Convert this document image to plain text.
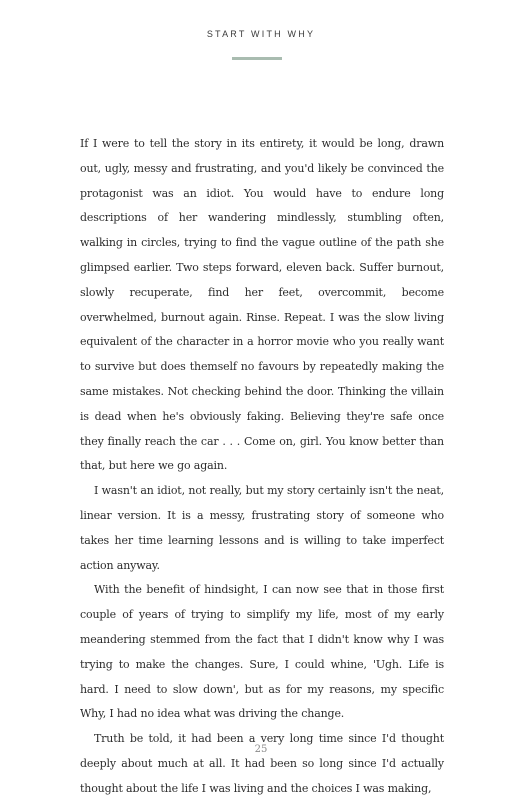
START WITH WHY

If I were to tell the story in its entirety, it would be long, drawn out, ugly, messy and frustrating, and you'd likely be convinced the protagonist was an idiot. You would have to endure long descriptions of her wandering mindlessly, stumbling often, walking in circles, trying to find the vague outline of the path she glimpsed earlier. Two steps forward, eleven back. Suffer burnout, slowly recuperate, find her feet, overcommit, become overwhelmed, burnout again. Rinse. Repeat. I was the slow living equivalent of the character in a horror movie who you really want to survive but does themself no favours by repeatedly making the same mistakes. Not checking behind the door. Thinking the villain is dead when he's obviously faking. Believing they're safe once they finally reach the car . . . Come on, girl. You know better than that, but here we go again.

I wasn't an idiot, not really, but my story certainly isn't the neat, linear version. It is a messy, frustrating story of someone who takes her time learning lessons and is willing to take imperfect action anyway.

With the benefit of hindsight, I can now see that in those first couple of years of trying to simplify my life, most of my early meandering stemmed from the fact that I didn't know why I was trying to make the changes. Sure, I could whine, 'Ugh. Life is hard. I need to slow down', but as for my reasons, my specific Why, I had no idea what was driving the change.

Truth be told, it had been a very long time since I'd thought deeply about much at all. It had been so long since I'd actually thought about the life I was living and the choices I was making,

25
